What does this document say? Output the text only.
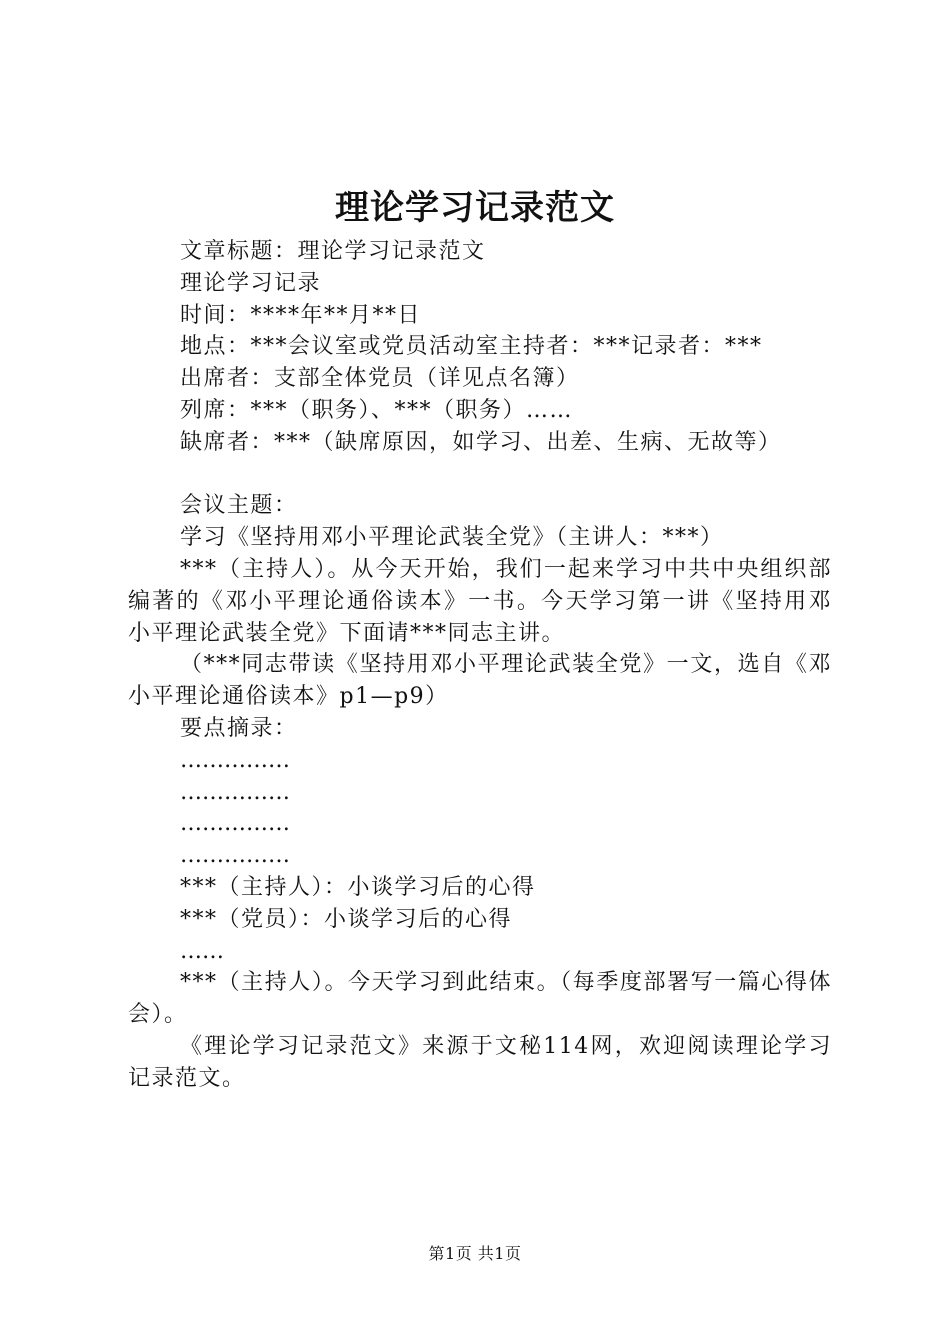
理论学习记录范文

文章标题：理论学习记录范文

理论学习记录

时间：****年**月**日

地点：***会议室或党员活动室主持者：***记录者：***

出席者：支部全体党员（详见点名簿）

列席：***（职务）、***（职务）……

缺席者：***（缺席原因，如学习、出差、生病、无故等）

会议主题：

学习《坚持用邓小平理论武装全党》（主讲人：***）

***（主持人）。从今天开始，我们一起来学习中共中央组织部编著的《邓小平理论通俗读本》一书。今天学习第一讲《坚持用邓小平理论武装全党》下面请***同志主讲。

（***同志带读《坚持用邓小平理论武装全党》一文，选自《邓小平理论通俗读本》p1—p9）

要点摘录：

……………

……………

……………

……………

***（主持人）：小谈学习后的心得

***（党员）：小谈学习后的心得

……

***（主持人）。今天学习到此结束。（每季度部署写一篇心得体会）。

《理论学习记录范文》来源于文秘114网，欢迎阅读理论学习记录范文。

第1页 共1页
